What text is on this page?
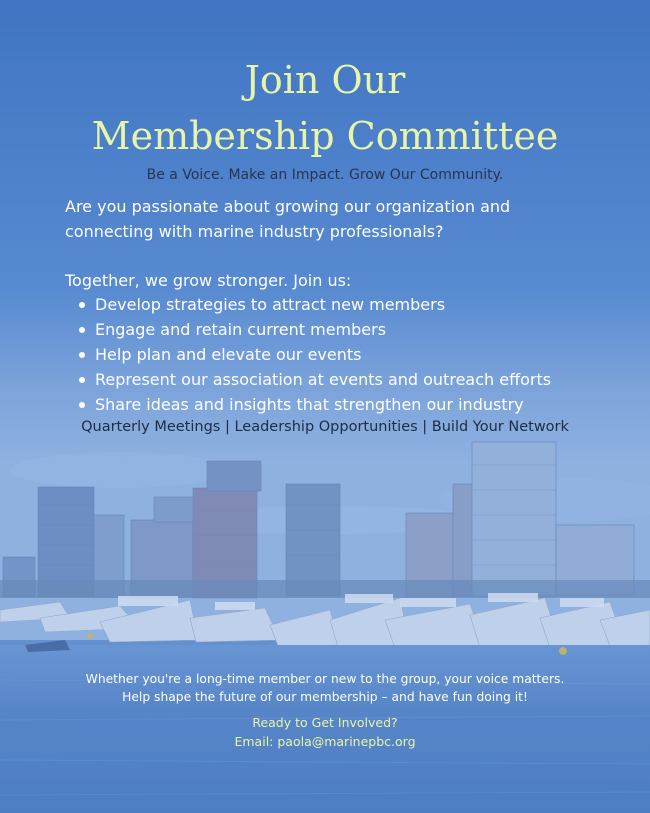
Join Our
Membership Committee
Be a Voice. Make an Impact. Grow Our Community.
Are you passionate about growing our organization and
connecting with marine industry professionals?
Together, we grow stronger. Join us:
Develop strategies to attract new members
Engage and retain current members
Help plan and elevate our events
Represent our association at events and outreach efforts
Share ideas and insights that strengthen our industry
Quarterly Meetings | Leadership Opportunities | Build Your Network
Whether you're a long-time member or new to the group, your voice matters.
Help shape the future of our membership – and have fun doing it!
Ready to Get Involved?
Email: paola@marinepbc.org
